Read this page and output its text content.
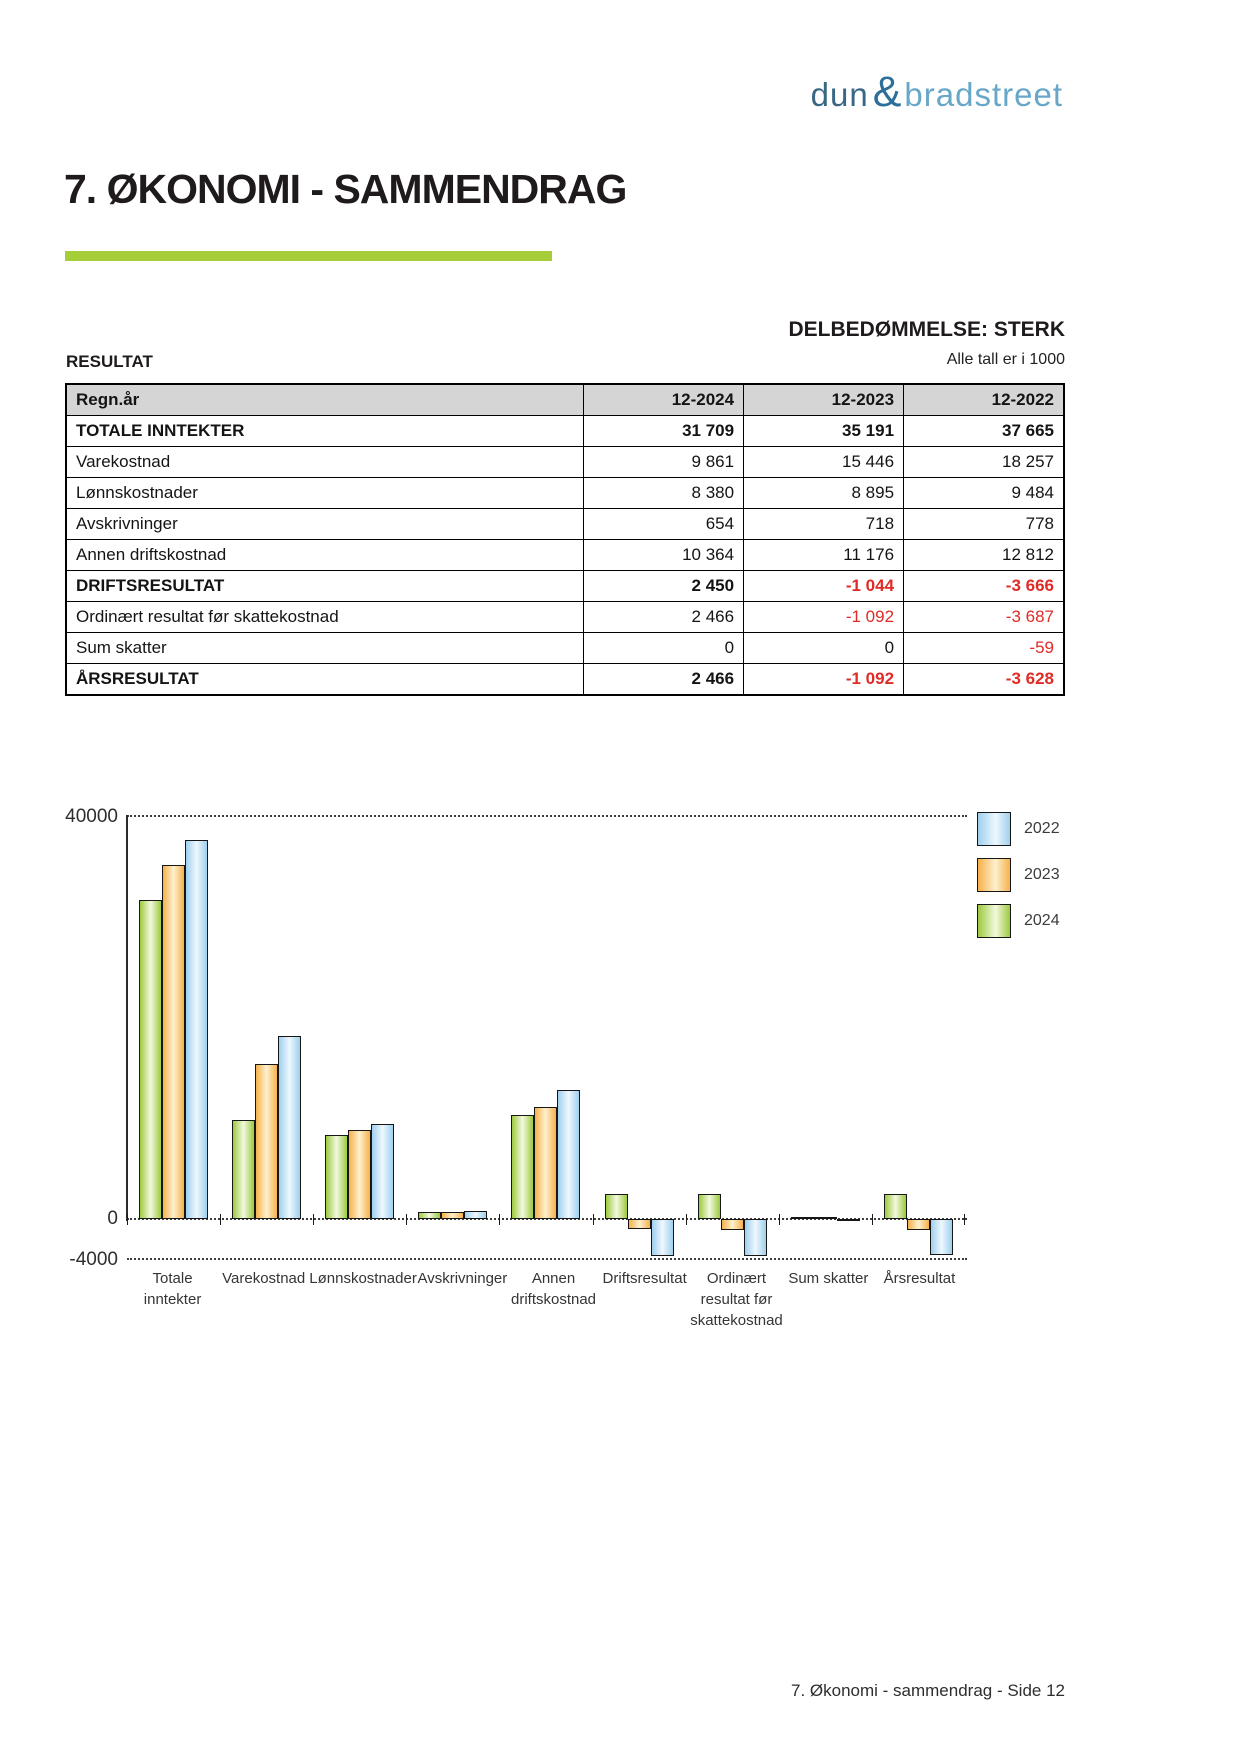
dun & bradstreet
7. ØKONOMI - SAMMENDRAG
DELBEDØMMELSE: STERK
RESULTAT	Alle tall er i 1000
Regn.år	12-2024	12-2023	12-2022
TOTALE INNTEKTER	31 709	35 191	37 665
Varekostnad	9 861	15 446	18 257
Lønnskostnader	8 380	8 895	9 484
Avskrivninger	654	718	778
Annen driftskostnad	10 364	11 176	12 812
DRIFTSRESULTAT	2 450	-1 044	-3 666
Ordinært resultat før skattekostnad	2 466	-1 092	-3 687
Sum skatter	0	0	-59
ÅRSRESULTAT	2 466	-1 092	-3 628
40000
0
-4000
Totale
inntekter
Varekostnad Lønnskostnader Avskrivninger	Annen
driftskostnad
Driftsresultat	Ordinært
resultat før
skattekostnad
Sum skatter	Årsresultat
2022
2023
2024
7. Økonomi - sammendrag - Side 12
